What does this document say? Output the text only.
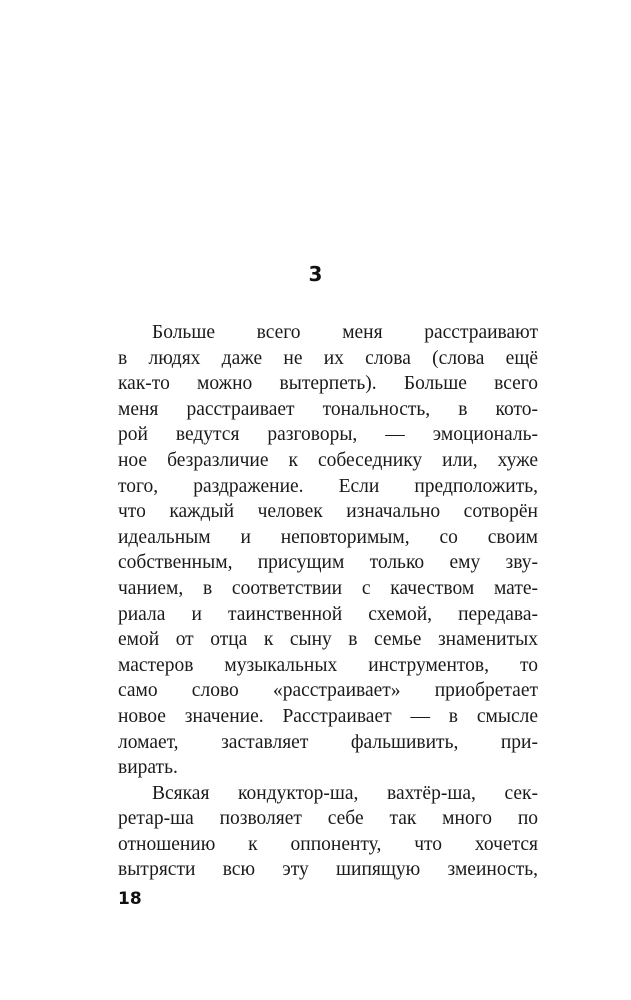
3
Больше всего меня расстраивают
в людях даже не их слова (слова ещё
как-то можно вытерпеть). Больше всего
меня расстраивает тональность, в кото-
рой ведутся разговоры, — эмоциональ-
ное безразличие к собеседнику или, хуже
того, раздражение. Если предположить,
что каждый человек изначально сотворён
идеальным и неповторимым, со своим
собственным, присущим только ему зву-
чанием, в соответствии с качеством мате-
риала и таинственной схемой, передава-
емой от отца к сыну в семье знаменитых
мастеров музыкальных инструментов, то
само слово «расстраивает» приобретает
новое значение. Расстраивает — в смысле
ломает, заставляет фальшивить, при-
вирать.
Всякая кондуктор-ша, вахтёр-ша, сек-
ретар-ша позволяет себе так много по
отношению к оппоненту, что хочется
вытрясти всю эту шипящую змеиность,
18
